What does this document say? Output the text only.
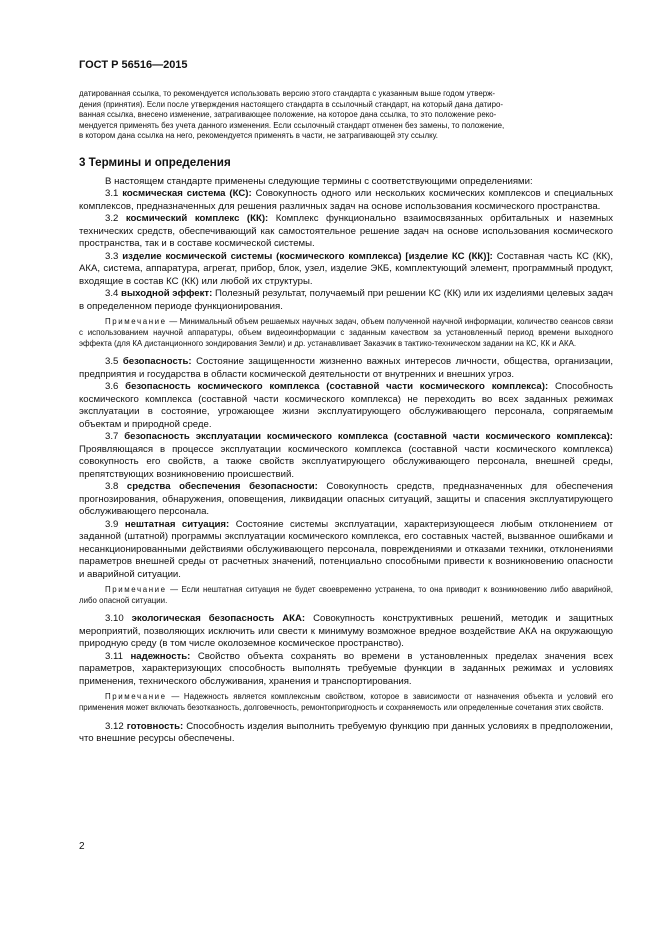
ГОСТ Р 56516—2015

датированная ссылка, то рекомендуется использовать версию этого стандарта с указанным выше годом утверж-

дения (принятия). Если после утверждения настоящего стандарта в ссылочный стандарт, на который дана датиро-

ванная ссылка, внесено изменение, затрагивающее положение, на которое дана ссылка, то это положение реко-

мендуется применять без учета данного изменения. Если ссылочный стандарт отменен без замены, то положение,

в котором дана ссылка на него, рекомендуется применять в части, не затрагивающей эту ссылку.

3 Термины и определения

В настоящем стандарте применены следующие термины с соответствующими определениями:

3.1 космическая система (КС): Совокупность одного или нескольких космических комплексов и специальных комплексов, предназначенных для решения различных задач на основе использования космического пространства.

3.2 космический комплекс (КК): Комплекс функционально взаимосвязанных орбитальных и наземных технических средств, обеспечивающий как самостоятельное решение задач на основе использования космического пространства, так и в составе космической системы.

3.3 изделие космической системы (космического комплекса) [изделие КС (КК)]: Составная часть КС (КК), АКА, система, аппаратура, агрегат, прибор, блок, узел, изделие ЭКБ, комплектующий элемент, программный продукт, входящие в состав КС (КК) или любой их структуры.

3.4 выходной эффект: Полезный результат, получаемый при решении КС (КК) или их изделиями целевых задач в определенном периоде функционирования.

Примечание — Минимальный объем решаемых научных задач, объем полученной научной информации, количество сеансов связи с использованием научной аппаратуры, объем видеоинформации с заданным качеством за установленный период времени выходного эффекта (для КА дистанционного зондирования Земли) и др. устанавливает Заказчик в тактико-техническом задании на КС, КК и АКА.

3.5 безопасность: Состояние защищенности жизненно важных интересов личности, общества, организации, предприятия и государства в области космической деятельности от внутренних и внешних угроз.

3.6 безопасность космического комплекса (составной части космического комплекса): Способность космического комплекса (составной части космического комплекса) не переходить во всех заданных режимах эксплуатации в состояние, угрожающее жизни эксплуатирующего обслуживающего персонала, сопрягаемым объектам и природной среде.

3.7 безопасность эксплуатации космического комплекса (составной части космического комплекса): Проявляющаяся в процессе эксплуатации космического комплекса (составной части космического комплекса) совокупность его свойств, а также свойств эксплуатирующего обслуживающего персонала, внешней среды, препятствующих возникновению происшествий.

3.8 средства обеспечения безопасности: Совокупность средств, предназначенных для обеспечения прогнозирования, обнаружения, оповещения, ликвидации опасных ситуаций, защиты и спасения эксплуатирующего обслуживающего персонала.

3.9 нештатная ситуация: Состояние системы эксплуатации, характеризующееся любым отклонением от заданной (штатной) программы эксплуатации космического комплекса, его составных частей, вызванное ошибками и несанкционированными действиями обслуживающего персонала, повреждениями и отказами техники, отклонениями параметров внешней среды от расчетных значений, потенциально способными привести к возникновению опасности и аварийной ситуации.

Примечание — Если нештатная ситуация не будет своевременно устранена, то она приводит к возникновению либо аварийной, либо опасной ситуации.

3.10 экологическая безопасность АКА: Совокупность конструктивных решений, методик и защитных мероприятий, позволяющих исключить или свести к минимуму возможное вредное воздействие АКА на окружающую природную среду (в том числе околоземное космическое пространство).

3.11 надежность: Свойство объекта сохранять во времени в установленных пределах значения всех параметров, характеризующих способность выполнять требуемые функции в заданных режимах и условиях применения, технического обслуживания, хранения и транспортирования.

Примечание — Надежность является комплексным свойством, которое в зависимости от назначения объекта и условий его применения может включать безотказность, долговечность, ремонтопригодность и сохраняемость или определенные сочетания этих свойств.

3.12 готовность: Способность изделия выполнить требуемую функцию при данных условиях в предположении, что внешние ресурсы обеспечены.

2
